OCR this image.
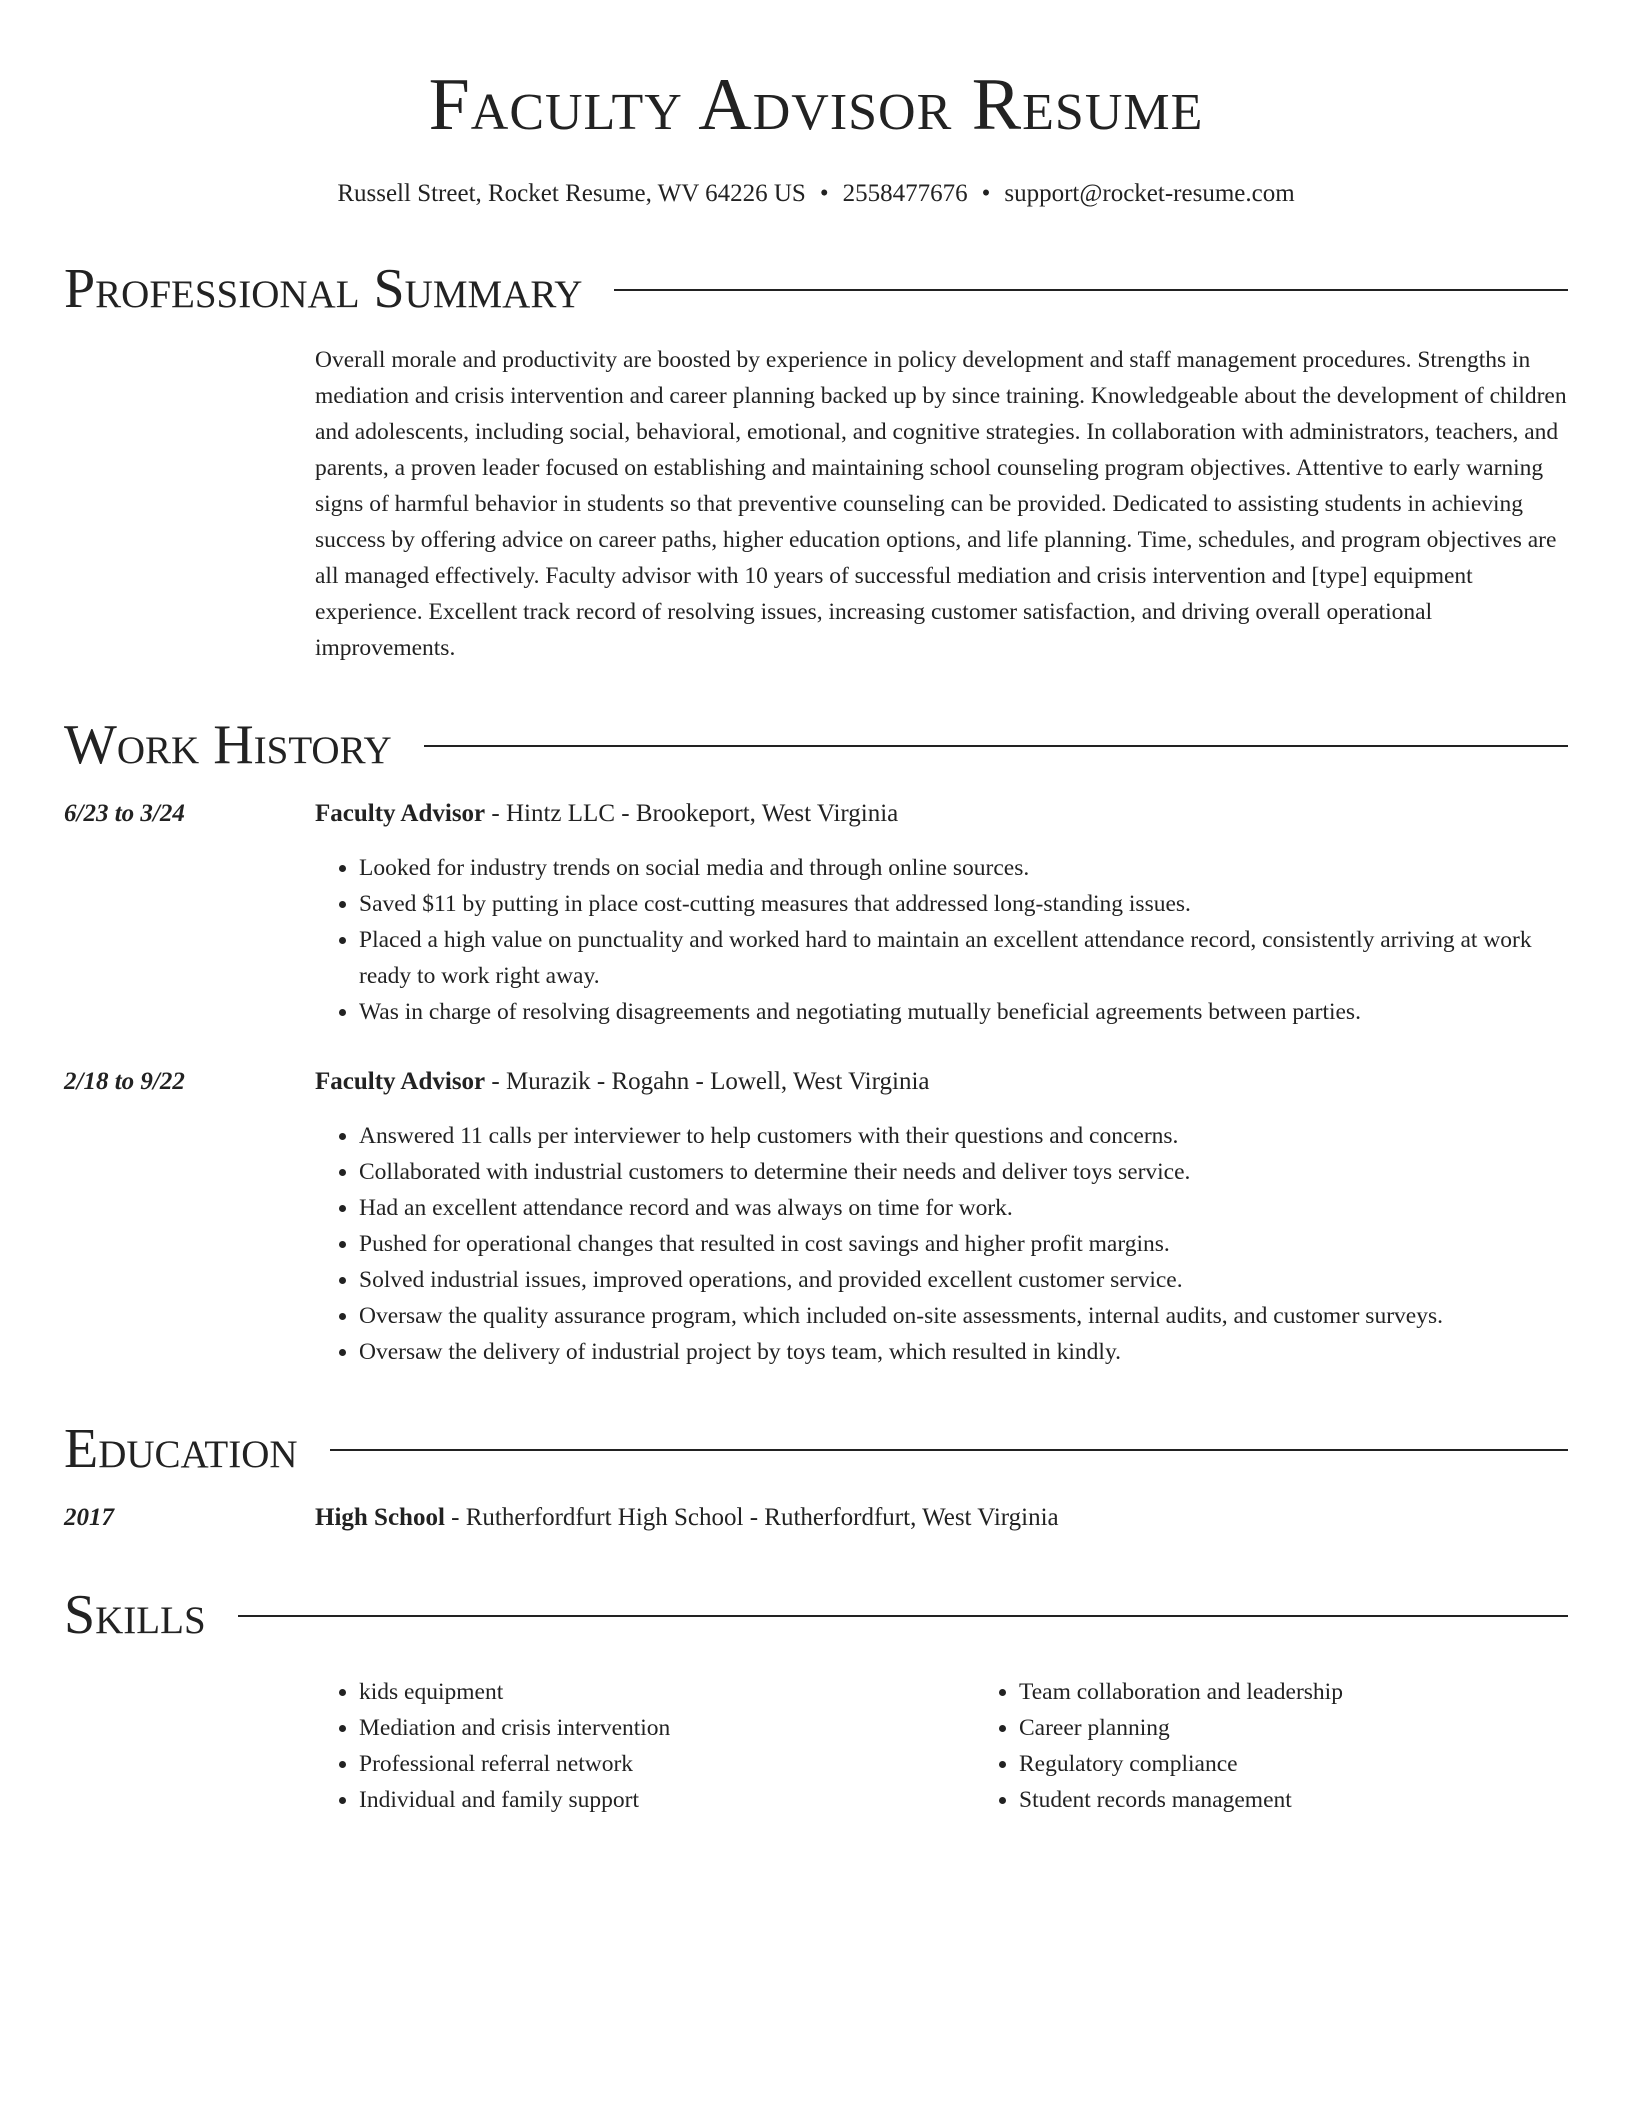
Faculty Advisor Resume
Russell Street, Rocket Resume, WV 64226 US • 2558477676 • support@rocket-resume.com
Professional Summary
Overall morale and productivity are boosted by experience in policy development and staff management procedures. Strengths in mediation and crisis intervention and career planning backed up by since training. Knowledgeable about the development of children and adolescents, including social, behavioral, emotional, and cognitive strategies. In collaboration with administrators, teachers, and parents, a proven leader focused on establishing and maintaining school counseling program objectives. Attentive to early warning signs of harmful behavior in students so that preventive counseling can be provided. Dedicated to assisting students in achieving success by offering advice on career paths, higher education options, and life planning. Time, schedules, and program objectives are all managed effectively. Faculty advisor with 10 years of successful mediation and crisis intervention and [type] equipment experience. Excellent track record of resolving issues, increasing customer satisfaction, and driving overall operational improvements.
Work History
6/23 to 3/24	Faculty Advisor - Hintz LLC - Brookeport, West Virginia
• Looked for industry trends on social media and through online sources.
• Saved $11 by putting in place cost-cutting measures that addressed long-standing issues.
• Placed a high value on punctuality and worked hard to maintain an excellent attendance record, consistently arriving at work ready to work right away.
• Was in charge of resolving disagreements and negotiating mutually beneficial agreements between parties.
2/18 to 9/22	Faculty Advisor - Murazik - Rogahn - Lowell, West Virginia
• Answered 11 calls per interviewer to help customers with their questions and concerns.
• Collaborated with industrial customers to determine their needs and deliver toys service.
• Had an excellent attendance record and was always on time for work.
• Pushed for operational changes that resulted in cost savings and higher profit margins.
• Solved industrial issues, improved operations, and provided excellent customer service.
• Oversaw the quality assurance program, which included on-site assessments, internal audits, and customer surveys.
• Oversaw the delivery of industrial project by toys team, which resulted in kindly.
Education
2017	High School - Rutherfordfurt High School - Rutherfordfurt, West Virginia
Skills
• kids equipment
• Mediation and crisis intervention
• Professional referral network
• Individual and family support
• Team collaboration and leadership
• Career planning
• Regulatory compliance
• Student records management
